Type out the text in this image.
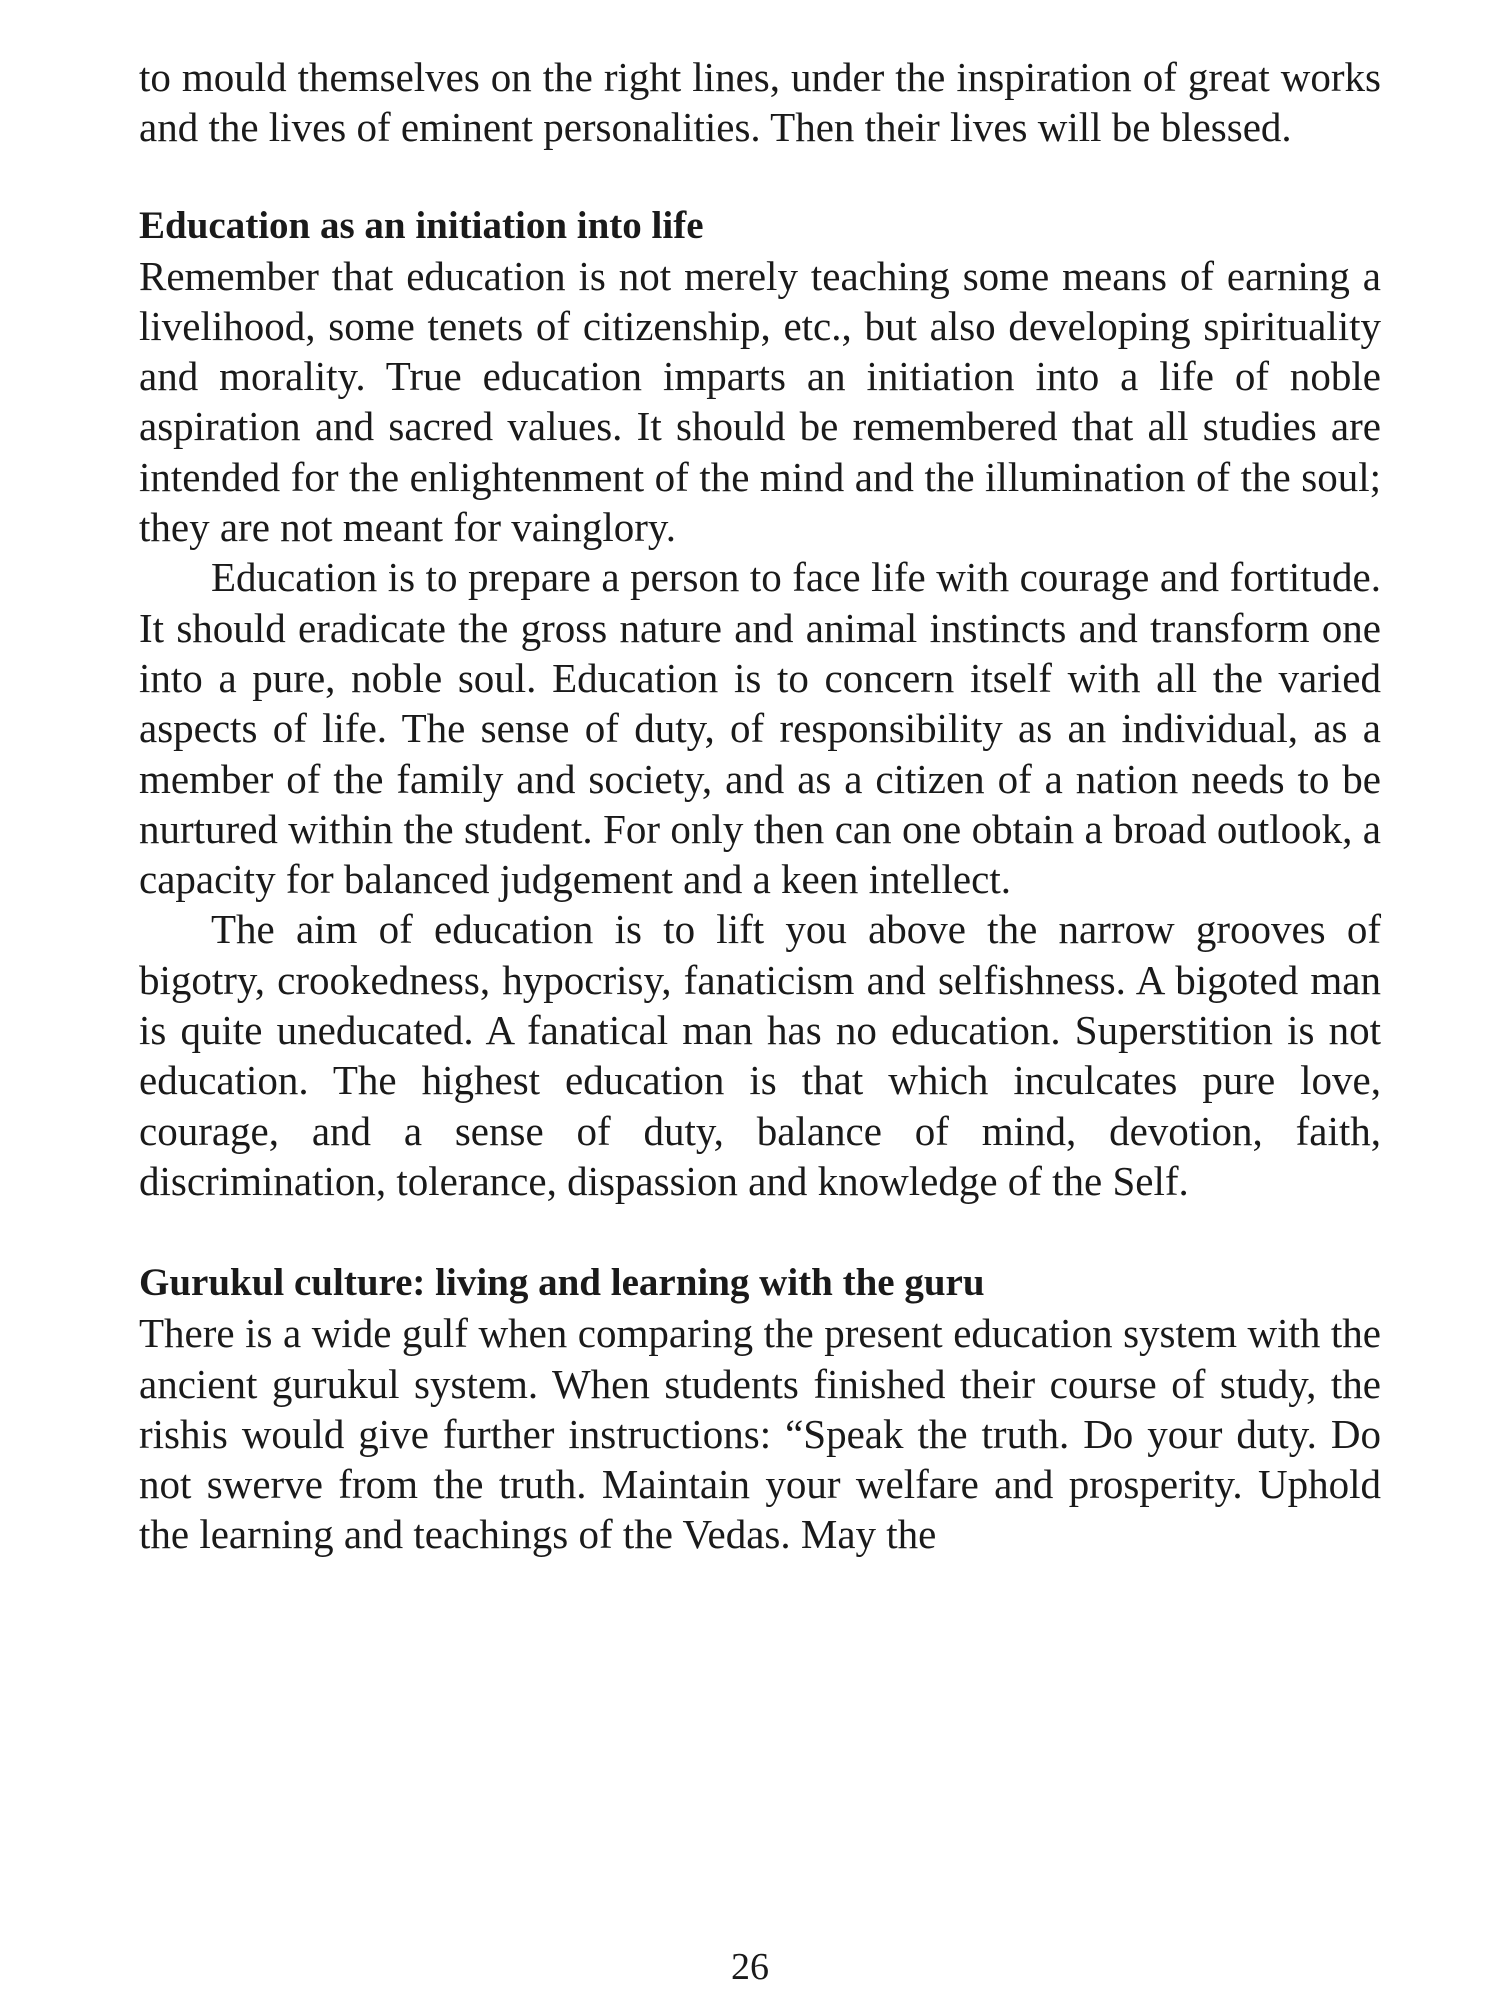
to mould themselves on the right lines, under the inspiration of great works and the lives of eminent personalities. Then their lives will be blessed.

Education as an initiation into life

Remember that education is not merely teaching some means of earning a livelihood, some tenets of citizenship, etc., but also developing spirituality and morality. True education imparts an initiation into a life of noble aspiration and sacred values. It should be remembered that all studies are intended for the enlightenment of the mind and the illumination of the soul; they are not meant for vainglory.

Education is to prepare a person to face life with courage and fortitude. It should eradicate the gross nature and animal instincts and transform one into a pure, noble soul. Education is to concern itself with all the varied aspects of life. The sense of duty, of responsibility as an individual, as a member of the family and society, and as a citizen of a nation needs to be nurtured within the student. For only then can one obtain a broad outlook, a capacity for balanced judgement and a keen intellect.

The aim of education is to lift you above the narrow grooves of bigotry, crookedness, hypocrisy, fanaticism and selfishness. A bigoted man is quite uneducated. A fanatical man has no education. Superstition is not education. The highest education is that which inculcates pure love, courage, and a sense of duty, balance of mind, devotion, faith, discrimination, tolerance, dispassion and knowledge of the Self.

Gurukul culture: living and learning with the guru

There is a wide gulf when comparing the present education system with the ancient gurukul system. When students finished their course of study, the rishis would give further instructions: “Speak the truth. Do your duty. Do not swerve from the truth. Maintain your welfare and prosperity. Uphold the learning and teachings of the Vedas. May the

26
